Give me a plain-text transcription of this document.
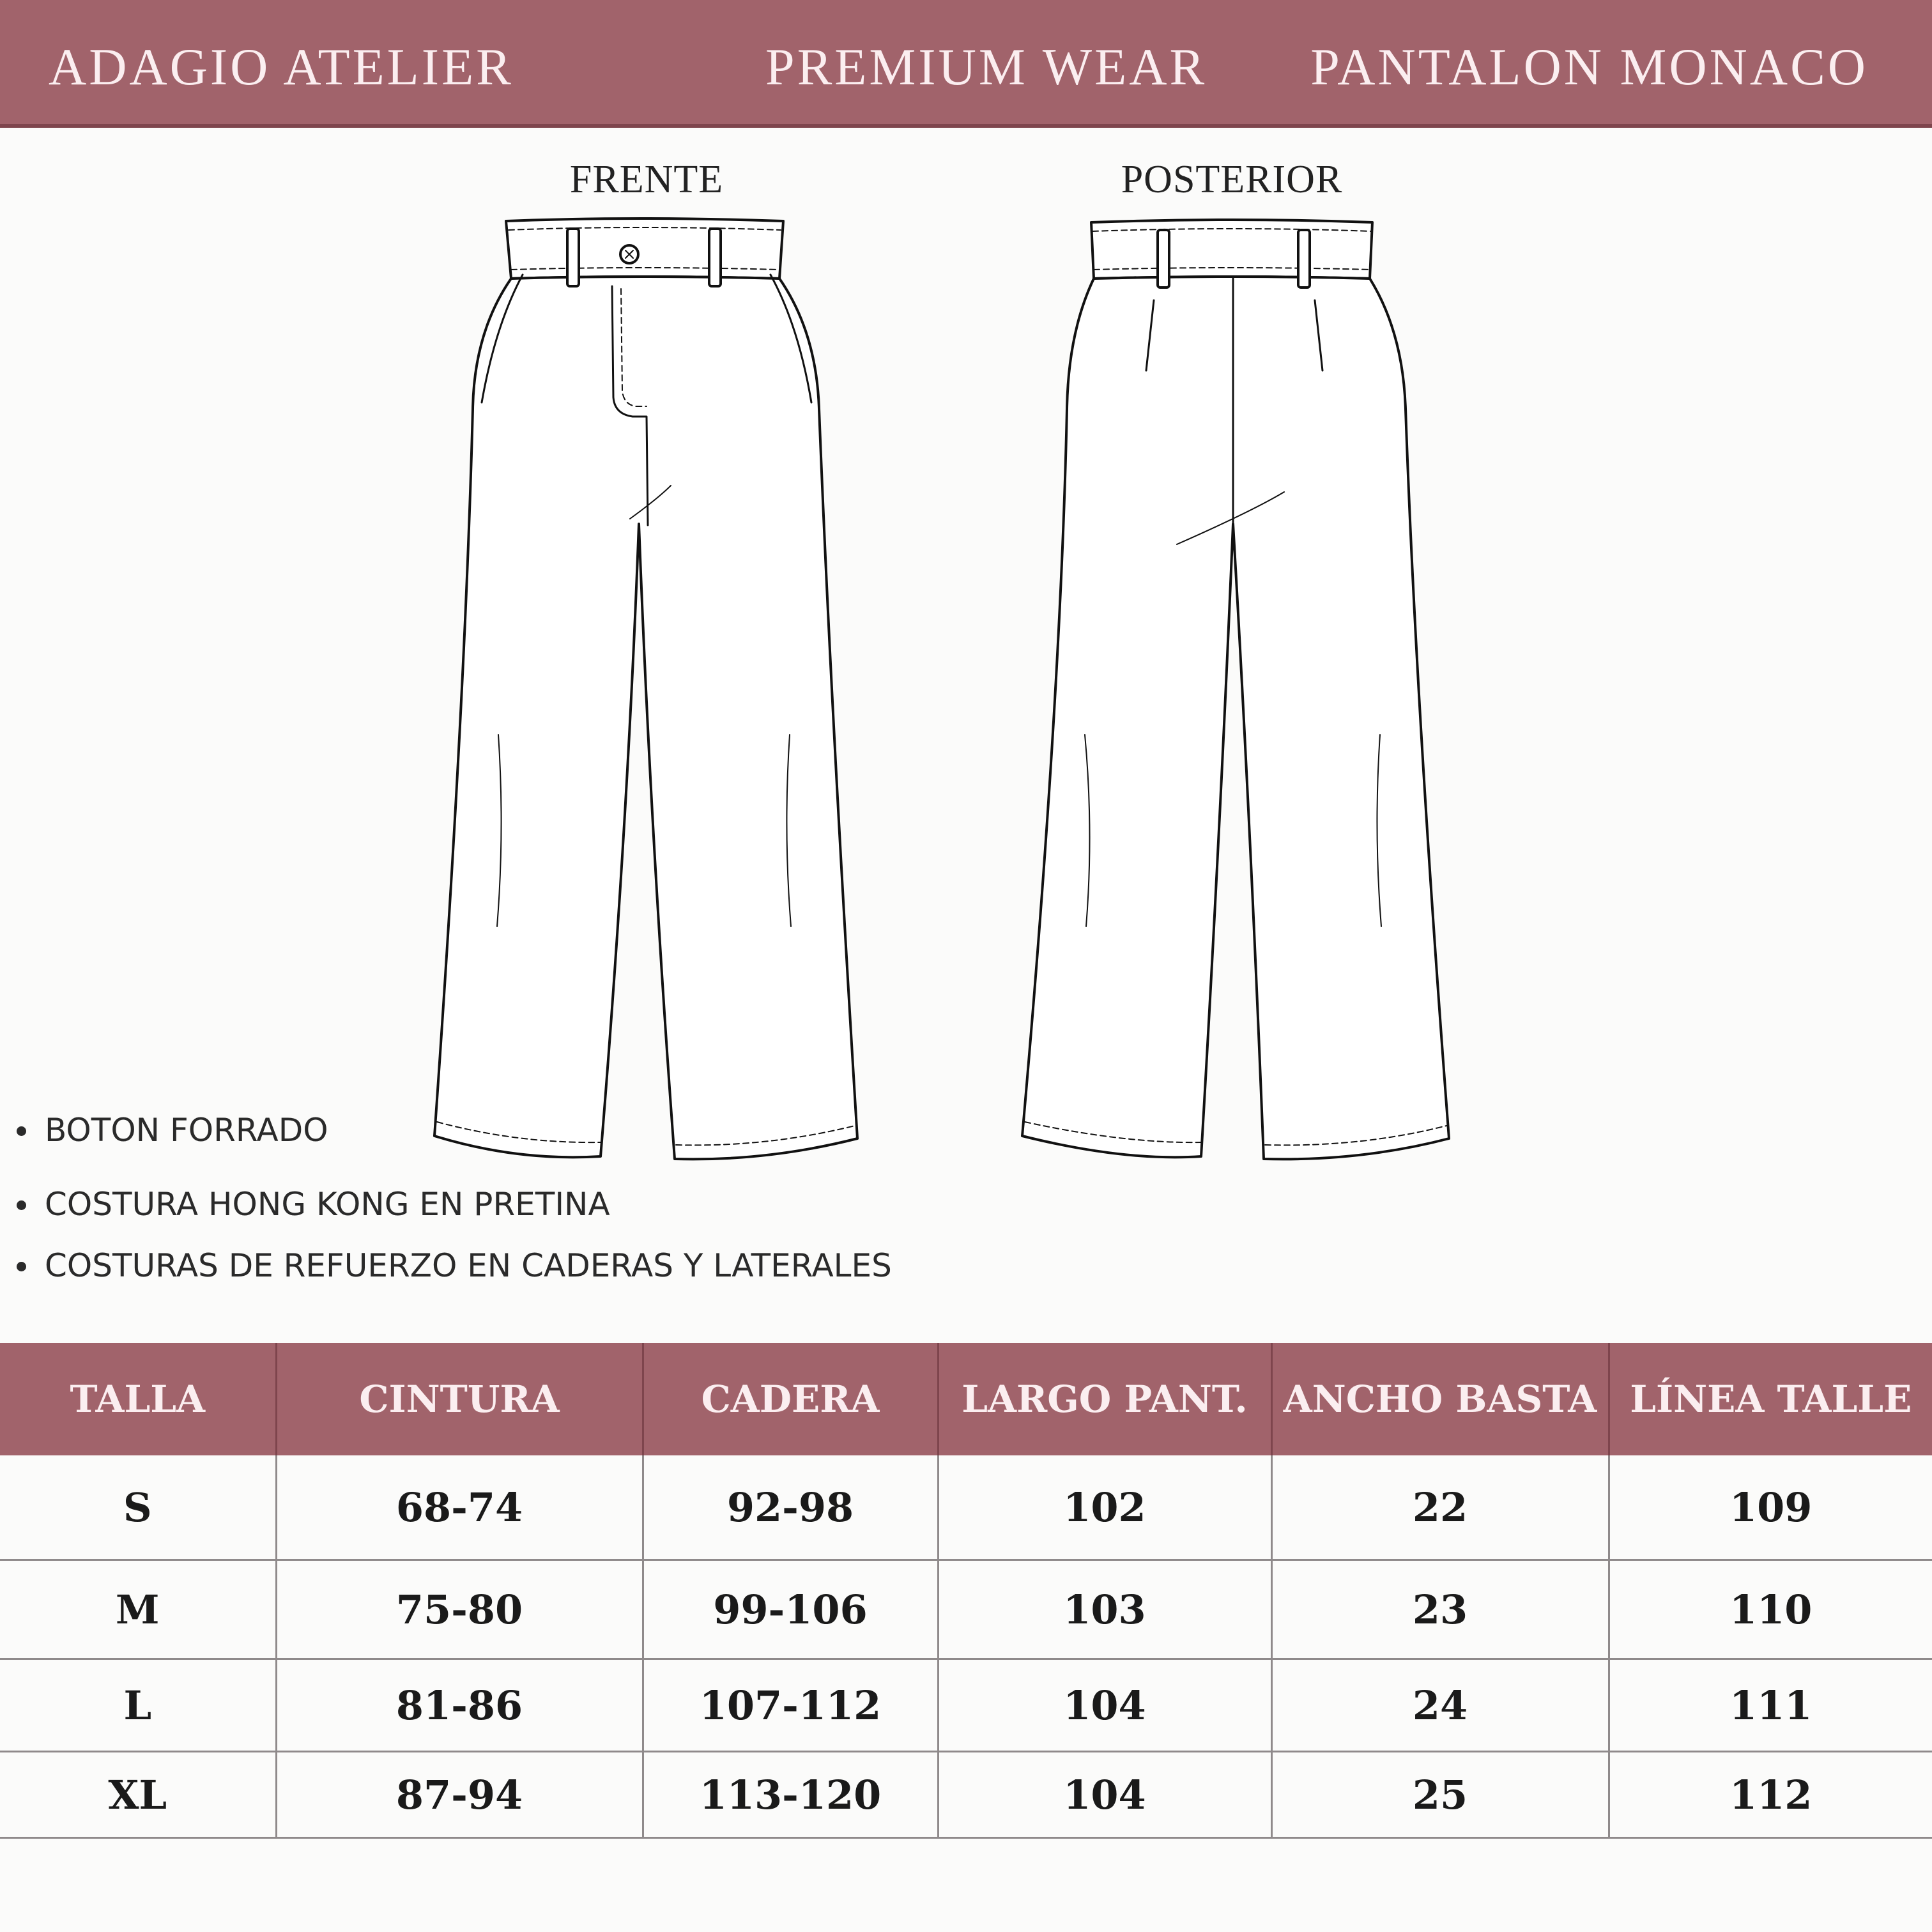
ADAGIO ATELIER	PREMIUM WEAR PANTALON MONACO
FRENTE	POSTERIOR
BOTON FORRADO
COSTURA HONG KONG EN PRETINA
COSTURAS DE REFUERZO EN CADERAS Y LATERALES
TALLA	CINTURA	CADERA	LARGO PANT.	ANCHO BASTA	LÍNEA TALLE
S	68-74	92-98	102	22	109
M	75-80	99-106	103	23	110
L	81-86	107-112	104	24	111
XL	87-94	113-120	104	25	112
